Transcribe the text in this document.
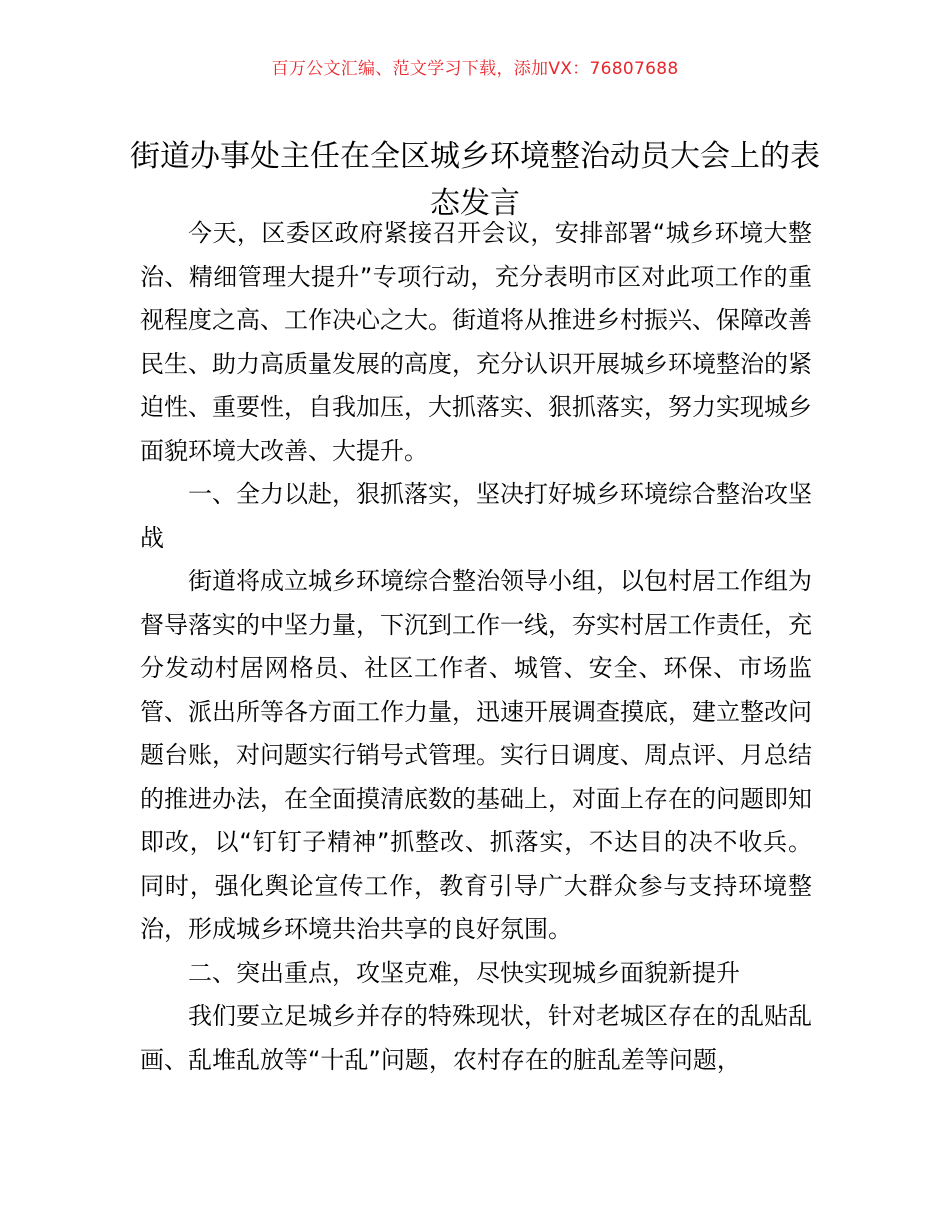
百万公文汇编、范文学习下载，添加VX：76807688
街道办事处主任在全区城乡环境整治动员大会上的表态发言

今天，区委区政府紧接召开会议，安排部署“城乡环境大整治、精细管理大提升”专项行动，充分表明市区对此项工作的重视程度之高、工作决心之大。街道将从推进乡村振兴、保障改善民生、助力高质量发展的高度，充分认识开展城乡环境整治的紧迫性、重要性，自我加压，大抓落实、狠抓落实，努力实现城乡面貌环境大改善、大提升。

一、全力以赴，狠抓落实，坚决打好城乡环境综合整治攻坚战

街道将成立城乡环境综合整治领导小组，以包村居工作组为督导落实的中坚力量，下沉到工作一线，夯实村居工作责任，充分发动村居网格员、社区工作者、城管、安全、环保、市场监管、派出所等各方面工作力量，迅速开展调查摸底，建立整改问题台账，对问题实行销号式管理。实行日调度、周点评、月总结的推进办法，在全面摸清底数的基础上，对面上存在的问题即知即改，以“钉钉子精神”抓整改、抓落实，不达目的决不收兵。同时，强化舆论宣传工作，教育引导广大群众参与支持环境整治，形成城乡环境共治共享的良好氛围。

二、突出重点，攻坚克难，尽快实现城乡面貌新提升

我们要立足城乡并存的特殊现状，针对老城区存在的乱贴乱画、乱堆乱放等“十乱”问题，农村存在的脏乱差等问题，
